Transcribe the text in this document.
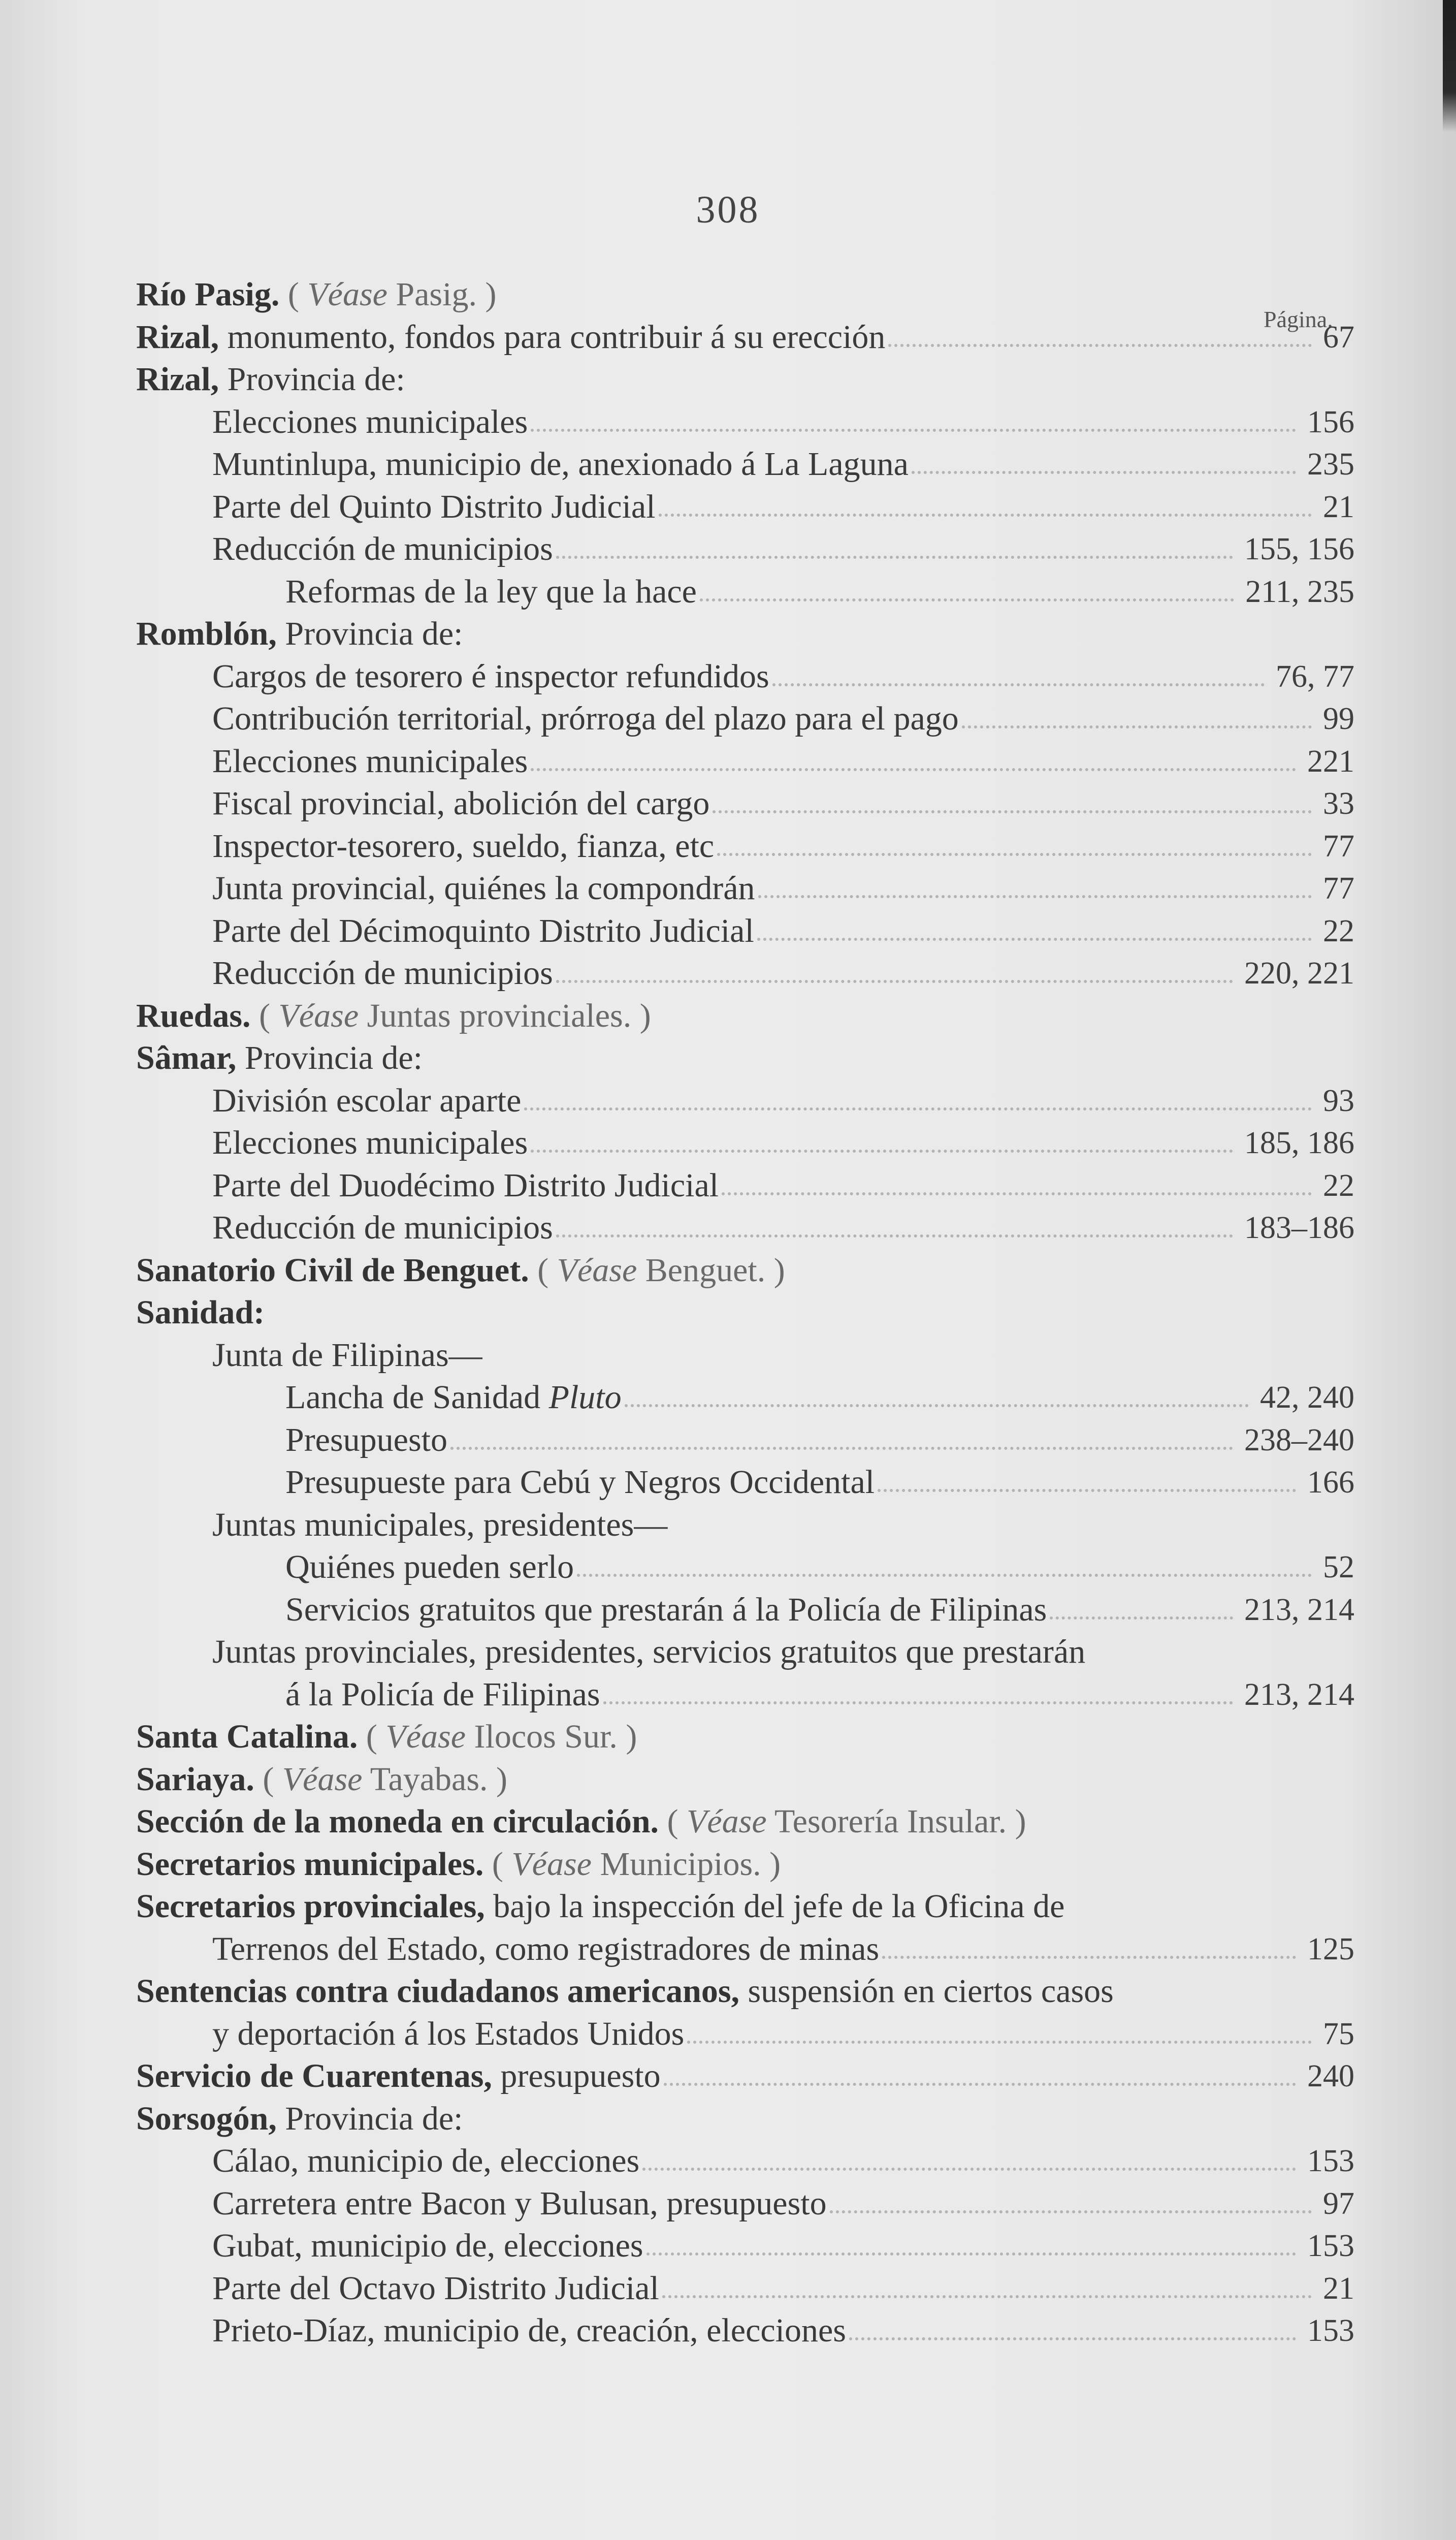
308
Página.
Río Pasig. ( Véase Pasig. )
Rizal, monumento, fondos para contribuir á su erección	67
Rizal, Provincia de:
Elecciones municipales	156
Muntinlupa, municipio de, anexionado á La Laguna	235
Parte del Quinto Distrito Judicial	21
Reducción de municipios	155, 156
Reformas de la ley que la hace	211, 235
Romblón, Provincia de:
Cargos de tesorero é inspector refundidos	76, 77
Contribución territorial, prórroga del plazo para el pago	99
Elecciones municipales	221
Fiscal provincial, abolición del cargo	33
Inspector-tesorero, sueldo, fianza, etc	77
Junta provincial, quiénes la compondrán	77
Parte del Décimoquinto Distrito Judicial	22
Reducción de municipios	220, 221
Ruedas. ( Véase Juntas provinciales. )
Sâmar, Provincia de:
División escolar aparte	93
Elecciones municipales	185, 186
Parte del Duodécimo Distrito Judicial	22
Reducción de municipios	183–186
Sanatorio Civil de Benguet. ( Véase Benguet. )
Sanidad:
Junta de Filipinas—
Lancha de Sanidad Pluto	42, 240
Presupuesto	238–240
Presupueste para Cebú y Negros Occidental	166
Juntas municipales, presidentes—
Quiénes pueden serlo	52
Servicios gratuitos que prestarán á la Policía de Filipinas	213, 214
Juntas provinciales, presidentes, servicios gratuitos que prestarán
á la Policía de Filipinas	213, 214
Santa Catalina. ( Véase Ilocos Sur. )
Sariaya. ( Véase Tayabas. )
Sección de la moneda en circulación. ( Véase Tesorería Insular. )
Secretarios municipales. ( Véase Municipios. )
Secretarios provinciales, bajo la inspección del jefe de la Oficina de
Terrenos del Estado, como registradores de minas	125
Sentencias contra ciudadanos americanos, suspensión en ciertos casos
y deportación á los Estados Unidos	75
Servicio de Cuarentenas, presupuesto	240
Sorsogón, Provincia de:
Cálao, municipio de, elecciones	153
Carretera entre Bacon y Bulusan, presupuesto	97
Gubat, municipio de, elecciones	153
Parte del Octavo Distrito Judicial	21
Prieto-Díaz, municipio de, creación, elecciones	153
